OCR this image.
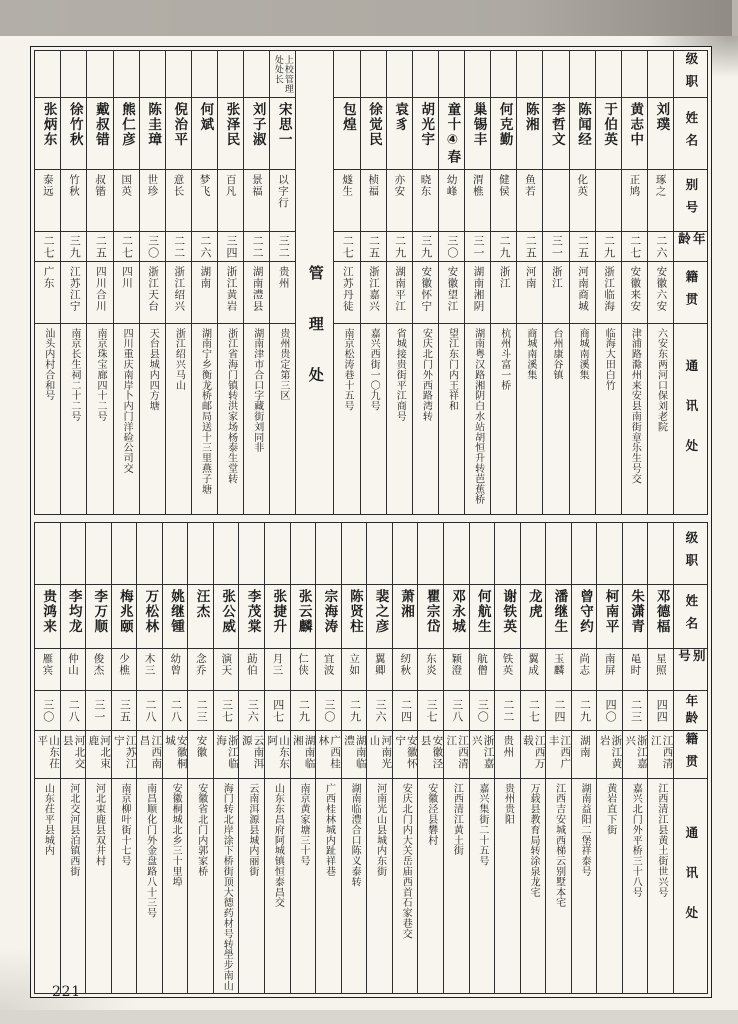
级职
姓名
别号
年龄
籍贯
通讯处
刘璞
琢之
二六
安徽六安
六安东两河口保刘老院
黄志中
正鸠
二七
安徽来安
津浦路滁州来安县南街章乐生号交
于伯英
二九
浙江临海
临海大田白竹
陈闻经
化英
二五
河南商城
商城南溪集
李哲文
三一
浙江
台州康谷镇
陈湘
鱼若
二五
河南
商城南溪集
何克勤
健侯
二九
浙江
杭州斗富一桥
巢锡丰
渭樵
三一
湖南湘阴
湖南粤汉路湘阴白水站胡恒升转芭蕉桥
童十④春
幼峰
三〇
安徽望江
望江东门内王祥和
胡光宇
晓东
三九
安徽怀宁
安庆北门外西路湾转
袁豸
亦安
二九
湖南平江
省城接贵街平江商号
徐觉民
桢福
二五
浙江嘉兴
嘉兴西街一〇九号
包煌
燧生
二七
江苏丹徒
南京松涛巷十五号
管理处
上校管理处处长
宋思一
以字行
三二
贵州
贵州贵定第三区
刘子淑
景福
二二
湖南澧县
湖南津市合口字藏街刘同非
张泽民
百凡
三四
浙江黄岩
浙江省海门镇转洪家场杨泰生堂转
何斌
梦飞
二六
湖南
湖南宁乡衡龙桥邮局送十三里燕子塘
倪治平
意长
二二
浙江绍兴
浙江绍兴马山
陈圭璋
世珍
三〇
浙江天台
天台县城内四方塘
熊仁彦
国英
二七
四川
四川重庆南岸卜内门洋硷公司交
戴叔错
叔锴
二五
四川合川
南京珠宝廊四十二号
徐竹秋
竹秋
三九
江苏江宁
南京长生祠二十二号
张炳东
泰远
二七
广东
汕头内村合和号
级职
姓名
别号
年龄
籍贯
通讯处
邓德楅
星照
四四
江西清江
江西清江县黄土街世兴号
朱潇青
黾时
二三
浙江嘉兴
嘉兴北门外平桥三十八号
柯南平
南屏
四〇
浙江黄岩
黄岩直下街
曾守约
尚志
二九
湖南
湖南益阳二堡祥泰号
潘继生
玉麟
二四
江西广丰
江西吉安城西梯云别墅本宅
龙虎
翼成
二七
江西万载
万载县教育局转涂泉龙宅
谢铁英
铁英
二二
贵州
贵州贵阳
何航生
航僧
三〇
浙江嘉兴
嘉兴集街二十五号
邓永城
颖澄
三八
江西清江
江西清江黄土街
瞿宗岱
东炎
三七
安徽泾县
安徽泾县礬村
萧湘
纫秋
二四
安徽怀宁
安庆北门内大关岳庙西首石家巷交
裴之彦
翼卿
三六
河南光山
河南光山县城内东街
陈贤柱
立如
二九
湖南临澧
湖南临澧合口陈义泰转
宗海涛
宜波
三〇
广西桂林
广西桂林城内趾祥巷
张云麟
仁侠
二九
湖南临湘
南京黄家塘三十号
张捷升
月三
四七
山东东阿
山东东昌府阿城镇恒泰昌交
李茂棠
莇伯
三六
云南洱源
云南洱源县城内丽街
张公威
演天
三七
浙江临海
海门转北岸涂下桥街顶大德药材号转壆步南山
汪杰
念乔
二三
安徽
安徽省北门内郭家桥
姚继锺
幼曾
二八
安徽桐城
安徽桐城北乡三十里埠
万松林
木三
二八
江西南昌
南昌顺化门外金盘路八十三号
梅兆颐
少樵
三五
江苏江宁
南京柳叶街十七号
李万顺
俊杰
三一
河北束鹿
河北束鹿县双井村
李均龙
仲山
二八
河北交县
河北交河县泊镇西街
贵鸿来
雁宾
三〇
山东茌平
山东茌平县城内
221
